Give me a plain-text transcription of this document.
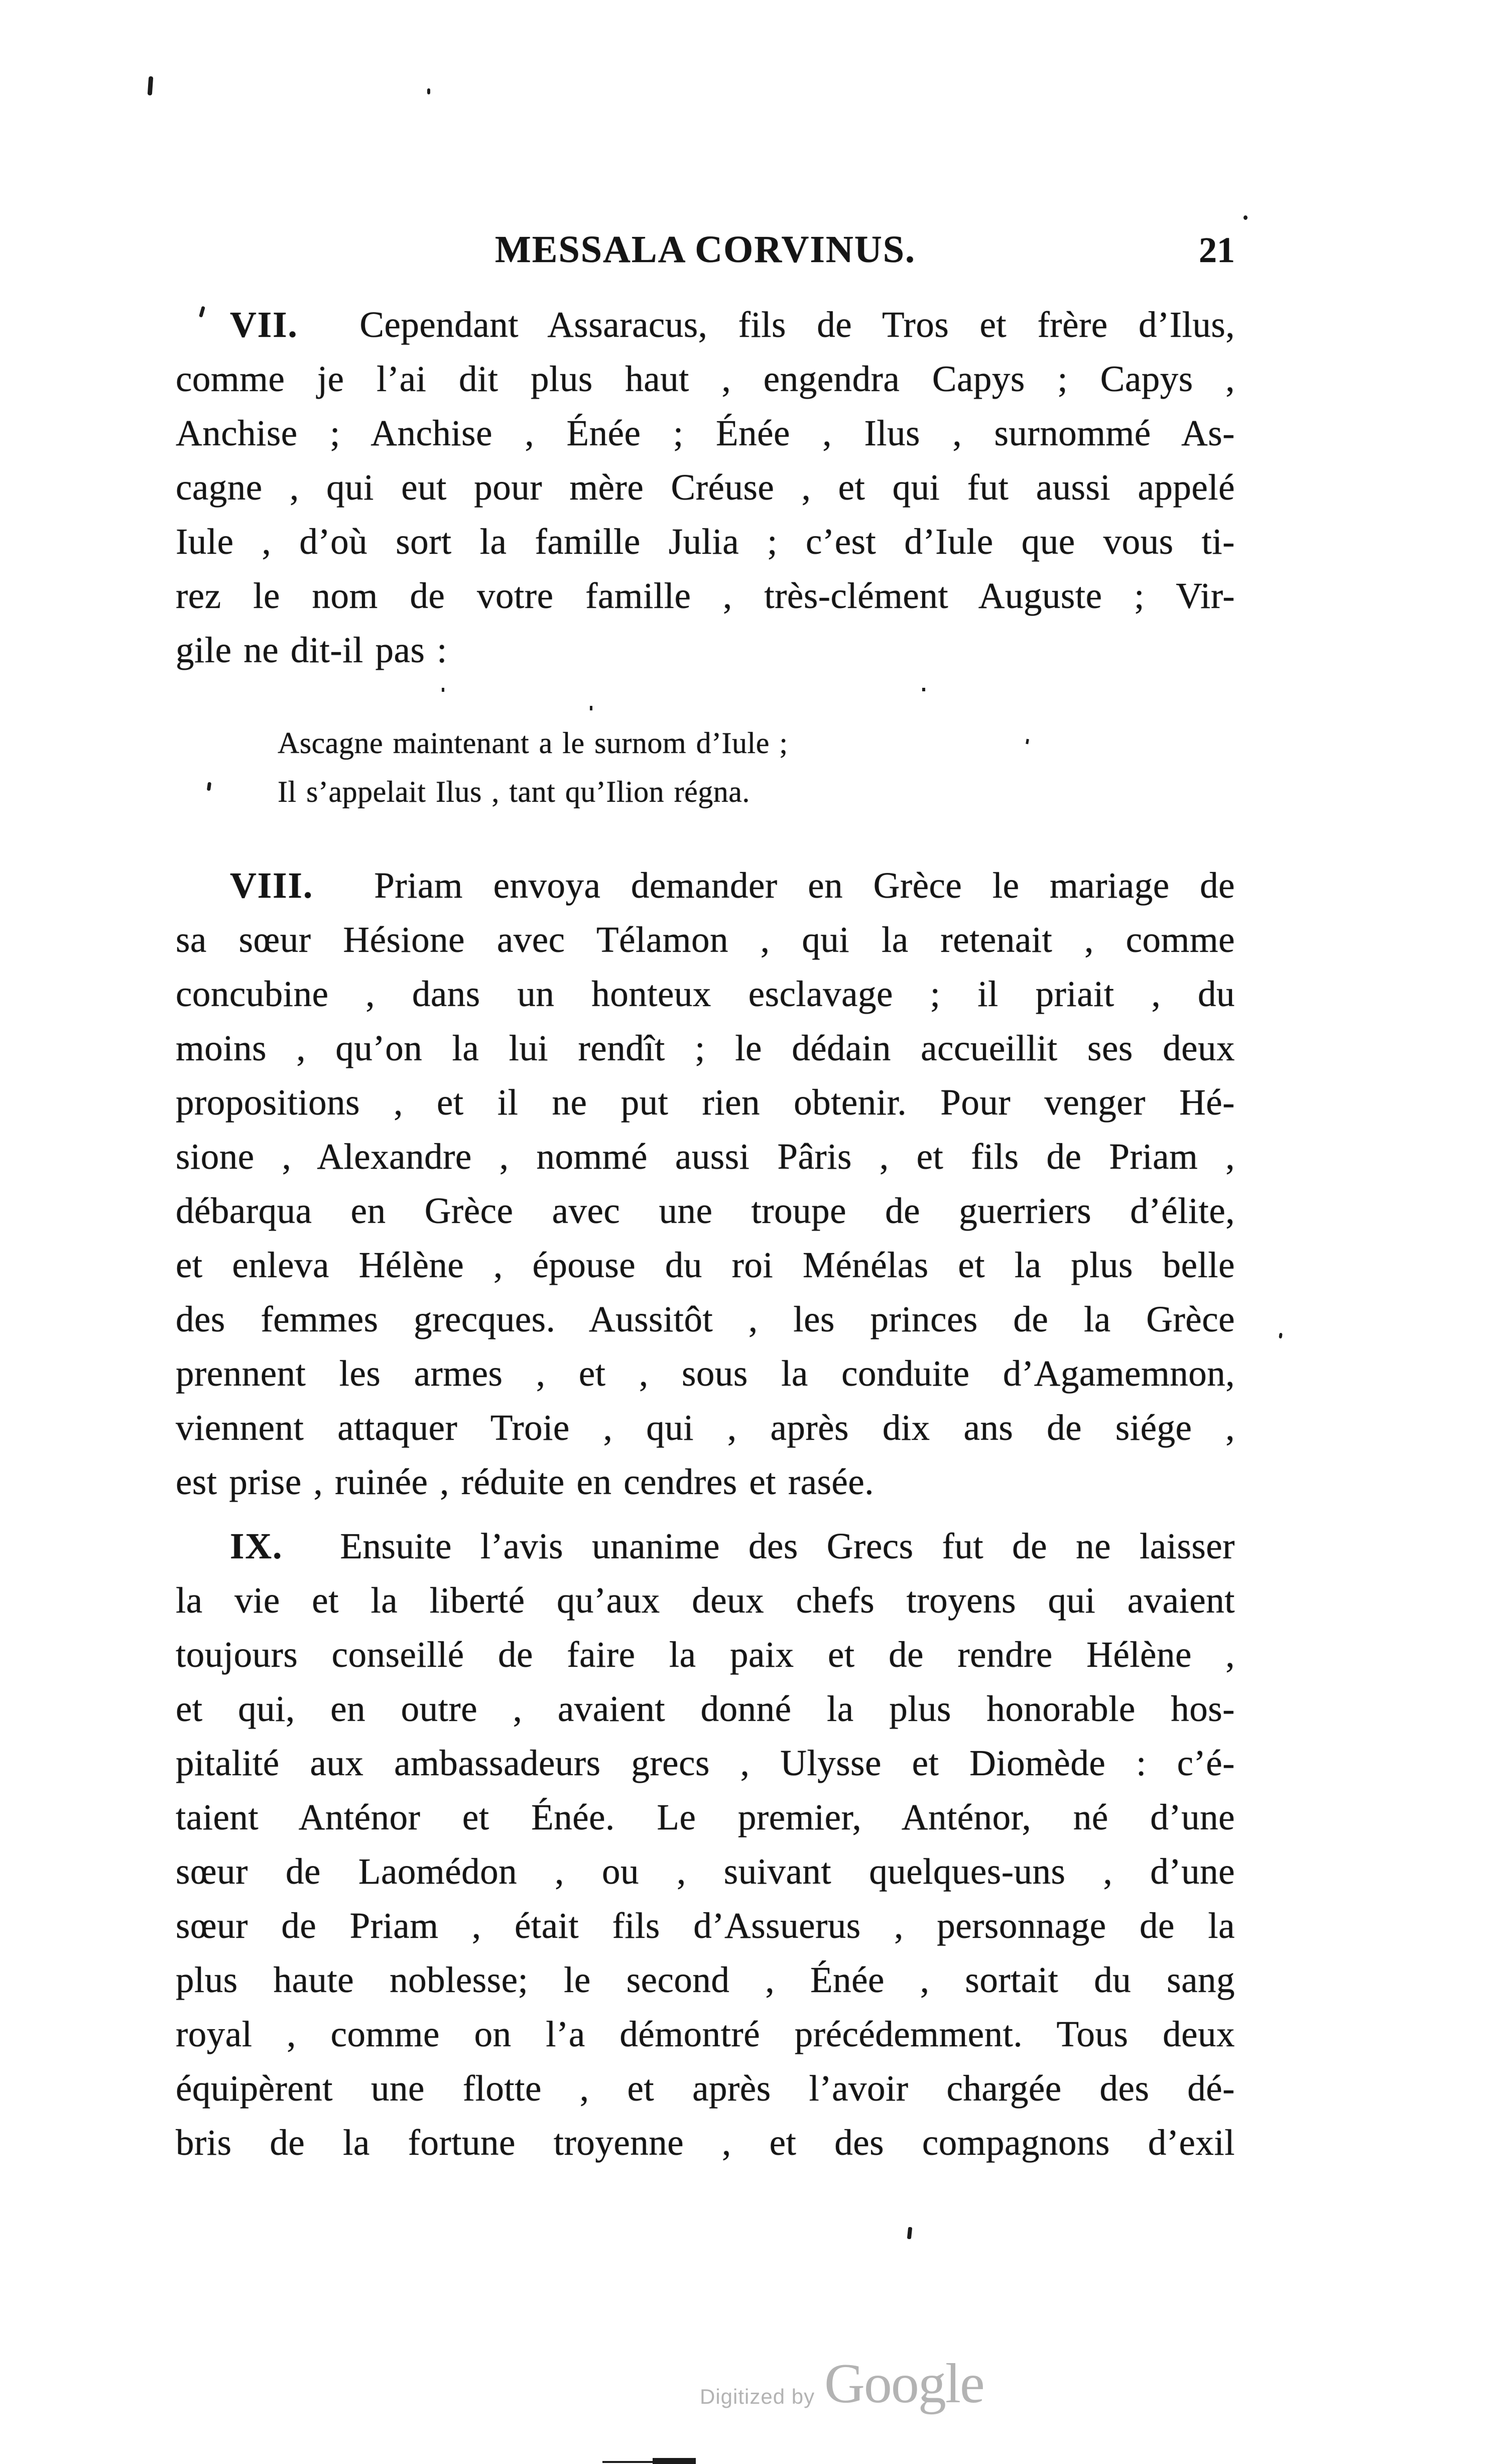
MESSALA CORVINUS.	21
VII. Cependant Assaracus, fils de Tros et frère d’Ilus,
comme je l’ai dit plus haut , engendra Capys ; Capys ,
Anchise ; Anchise , Énée ; Énée , Ilus , surnommé As-
cagne , qui eut pour mère Créuse , et qui fut aussi appelé
Iule , d’où sort la famille Julia ; c’est d’Iule que vous ti-
rez le nom de votre famille , très-clément Auguste ; Vir-
gile ne dit-il pas :
Ascagne maintenant a le surnom d’Iule ;
Il s’appelait Ilus , tant qu’Ilion régna.
VIII. Priam envoya demander en Grèce le mariage de
sa sœur Hésione avec Télamon , qui la retenait , comme
concubine , dans un honteux esclavage ; il priait , du
moins , qu’on la lui rendît ; le dédain accueillit ses deux
propositions , et il ne put rien obtenir. Pour venger Hé-
sione , Alexandre , nommé aussi Pâris , et fils de Priam ,
débarqua en Grèce avec une troupe de guerriers d’élite,
et enleva Hélène , épouse du roi Ménélas et la plus belle
des femmes grecques. Aussitôt , les princes de la Grèce
prennent les armes , et , sous la conduite d’Agamemnon,
viennent attaquer Troie , qui , après dix ans de siége ,
est prise , ruinée , réduite en cendres et rasée.
IX. Ensuite l’avis unanime des Grecs fut de ne laisser
la vie et la liberté qu’aux deux chefs troyens qui avaient
toujours conseillé de faire la paix et de rendre Hélène ,
et qui, en outre , avaient donné la plus honorable hos-
pitalité aux ambassadeurs grecs , Ulysse et Diomède : c’é-
taient Anténor et Énée. Le premier, Anténor, né d’une
sœur de Laomédon , ou , suivant quelques-uns , d’une
sœur de Priam , était fils d’Assuerus , personnage de la
plus haute noblesse; le second , Énée , sortait du sang
royal , comme on l’a démontré précédemment. Tous deux
équipèrent une flotte , et après l’avoir chargée des dé-
bris de la fortune troyenne , et des compagnons d’exil
Digitized by Google
